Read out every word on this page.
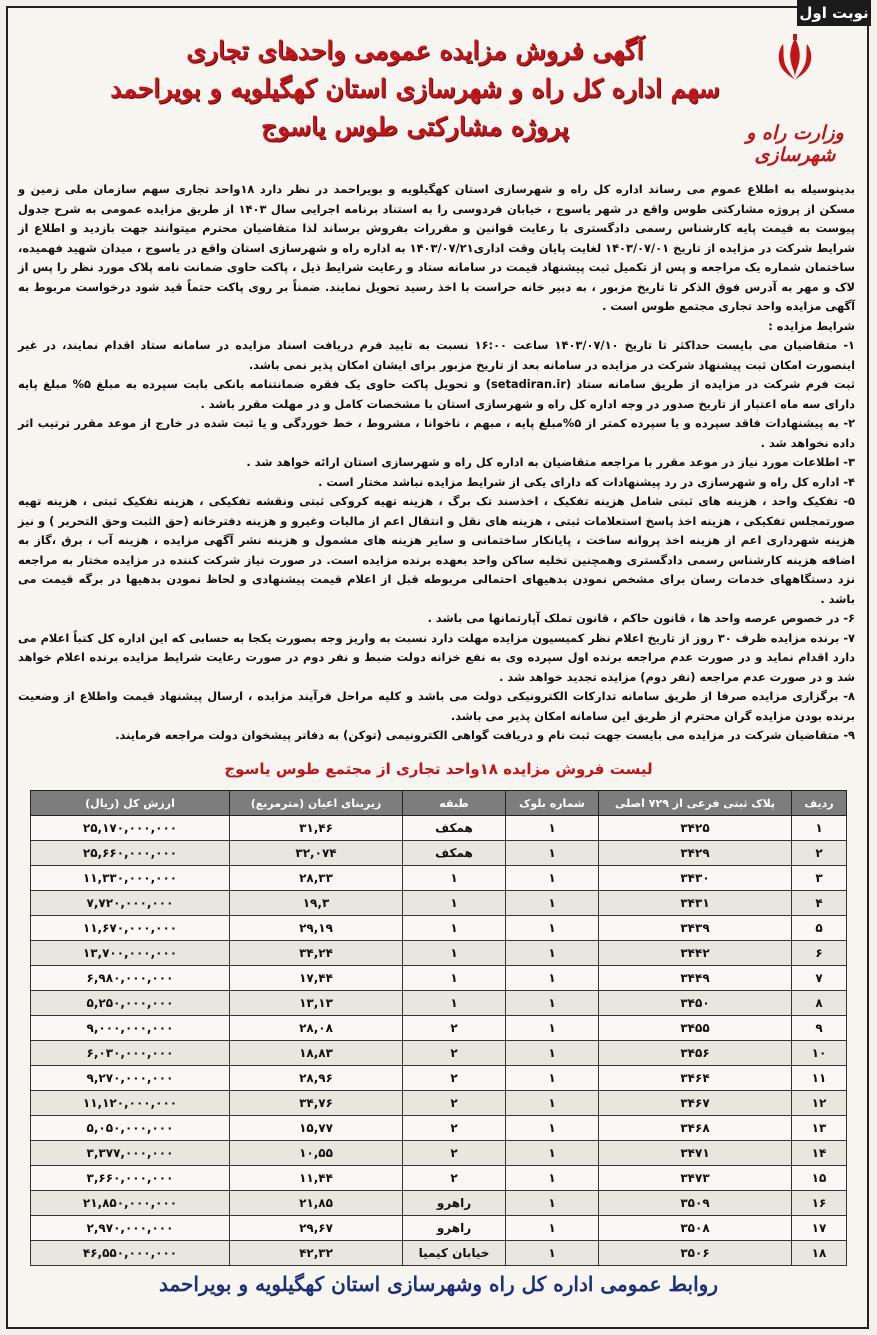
نوبت اول
وزارت راه و شهرسازی
آگهی فروش مزایده عمومی واحدهای تجاری
سهم اداره کل راه و شهرسازی استان کهگیلویه و بویراحمد
پروژه مشارکتی طوس یاسوج

بدینوسیله به اطلاع عموم می رساند اداره کل راه و شهرسازی استان کهگیلویه و بویراحمد در نظر دارد ۱۸واحد تجاری سهم سازمان ملی زمین و مسکن از پروژه مشارکتی طوس واقع در شهر یاسوج ، خیابان فردوسی را به استناد برنامه اجرایی سال ۱۴۰۳ از طریق مزایده عمومی به شرح جدول پیوست به قیمت پایه کارشناس رسمی دادگستری با رعایت قوانین و مقررات بفروش برساند لذا متقاضیان محترم میتوانند جهت بازدید و اطلاع از شرایط شرکت در مزایده از تاریخ ۱۴۰۳/۰۷/۰۱ لغایت پایان وقت اداری۱۴۰۳/۰۷/۲۱ به اداره راه و شهرسازی استان واقع در یاسوج ، میدان شهید فهمیده، ساختمان شماره یک مراجعه و پس از تکمیل ثبت پیشنهاد قیمت در سامانه ستاد و رعایت شرایط ذیل ، پاکت حاوی ضمانت نامه پلاک مورد نظر را پس از لاک و مهر به آدرس فوق الذکر تا تاریخ مزبور ، به دبیر خانه حراست با اخذ رسید تحویل نمایند. ضمناً بر روی پاکت حتماً قید شود درخواست مربوط به آگهی مزایده واحد تجاری مجتمع طوس است .

شرایط مزایده :

۱- متقاضیان می بایست حداکثر تا تاریخ ۱۴۰۳/۰۷/۱۰ ساعت ۱۶:۰۰ نسبت به تایید فرم دریافت اسناد مزایده در سامانه ستاد اقدام نمایند، در غیر اینصورت امکان ثبت پیشنهاد شرکت در مزایده در سامانه بعد از تاریخ مزبور برای ایشان امکان پذیر نمی باشد.

ثبت فرم شرکت در مزایده از طریق سامانه ستاد (setadiran.ir) و تحویل پاکت حاوی یک فقره ضمانتنامه بانکی بابت سپرده به مبلغ ۵% مبلغ پایه دارای سه ماه اعتبار از تاریخ صدور در وجه اداره کل راه و شهرسازی استان با مشخصات کامل و در مهلت مقرر باشد .

۲- به پیشنهادات فاقد سپرده و یا سپرده کمتر از ۵%مبلغ پایه ، مبهم ، ناخوانا ، مشروط ، خط خوردگی و یا ثبت شده در خارج از موعد مقرر ترتیب اثر داده نخواهد شد .

۳- اطلاعات مورد نیاز در موعد مقرر با مراجعه متقاضیان به اداره کل راه و شهرسازی استان ارائه خواهد شد .

۴- اداره کل راه و شهرسازی در رد پیشنهادات که دارای یکی از شرایط مزایده نباشد مختار است .

۵- تفکیک واحد ، هزینه های ثبتی شامل هزینه تفکیک ، اخذسند تک برگ ، هزینه تهیه کروکی ثبتی ونقشه تفکیکی ، هزینه تفکیک ثبتی ، هزینه تهیه صورتمجلس تفکیکی ، هزینه اخذ پاسخ استعلامات ثبتی ، هزینه های نقل و انتقال اعم از مالیات وغیرو و هزینه دفترخانه (حق الثبت وحق التحریر ) و نیز هزینه شهرداری اعم از هزینه اخذ پروانه ساخت ، پایانکار ساختمانی و سایر هزینه های مشمول و هزینه نشر آگهی مزایده ، هزینه آب ، برق ،گاز به اضافه هزینه کارشناس رسمی دادگستری وهمچنین تخلیه ساکن واحد بعهده برنده مزایده است. در صورت نیاز شرکت کننده در مزایده مختار به مراجعه نزد دستگاههای خدمات رسان برای مشخص نمودن بدهیهای احتمالی مربوطه قبل از اعلام قیمت پیشنهادی و لحاظ نمودن بدهیها در برگه قیمت می باشد .

۶- در خصوص عرصه واحد ها ، قانون حاکم ، قانون تملک آپارتمانها می باشد .

۷- برنده مزایده ظرف ۳۰ روز از تاریخ اعلام نظر کمیسیون مزایده مهلت دارد نسبت به واریز وجه بصورت یکجا به حسابی که این اداره کل کتباً اعلام می دارد اقدام نماید و در صورت عدم مراجعه برنده اول سپرده وی به نفع خزانه دولت ضبط و نفر دوم در صورت رعایت شرایط مزایده برنده اعلام خواهد شد و در صورت عدم مراجعه (نفر دوم) مزایده تجدید خواهد شد .

۸- برگزاری مزایده صرفا از طریق سامانه تدارکات الکترونیکی دولت می باشد و کلیه مراحل فرآیند مزایده ، ارسال پیشنهاد قیمت واطلاع از وضعیت برنده بودن مزایده گران محترم از طریق این سامانه امکان پذیر می باشد.

۹- متقاضیان شرکت در مزایده می بایست جهت ثبت نام و دریافت گواهی الکترونیمی (توکن) به دفاتر پیشخوان دولت مراجعه فرمایند.

لیست فروش مزایده ۱۸واحد تجاری از مجتمع طوس یاسوج
ردیف	پلاک ثبتی فرعی از ۷۲۹ اصلی	شماره بلوک	طبقه	زیربنای اعیان (مترمربع)	ارزش کل (ریال)
۱	۳۴۲۵	۱	همکف	۳۱,۴۶	۲۵,۱۷۰,۰۰۰,۰۰۰
۲	۳۴۲۹	۱	همکف	۳۲,۰۷۴	۲۵,۶۶۰,۰۰۰,۰۰۰
۳	۳۴۳۰	۱	۱	۲۸,۳۳	۱۱,۳۳۰,۰۰۰,۰۰۰
۴	۳۴۳۱	۱	۱	۱۹,۳	۷,۷۲۰,۰۰۰,۰۰۰
۵	۳۴۳۹	۱	۱	۲۹,۱۹	۱۱,۶۷۰,۰۰۰,۰۰۰
۶	۳۴۴۲	۱	۱	۳۴,۲۴	۱۳,۷۰۰,۰۰۰,۰۰۰
۷	۳۴۴۹	۱	۱	۱۷,۴۴	۶,۹۸۰,۰۰۰,۰۰۰
۸	۳۴۵۰	۱	۱	۱۳,۱۳	۵,۲۵۰,۰۰۰,۰۰۰
۹	۳۴۵۵	۱	۲	۲۸,۰۸	۹,۰۰۰,۰۰۰,۰۰۰
۱۰	۳۴۵۶	۱	۲	۱۸,۸۳	۶,۰۳۰,۰۰۰,۰۰۰
۱۱	۳۴۶۴	۱	۲	۲۸,۹۶	۹,۲۷۰,۰۰۰,۰۰۰
۱۲	۳۴۶۷	۱	۲	۳۴,۷۶	۱۱,۱۲۰,۰۰۰,۰۰۰
۱۳	۳۴۶۸	۱	۲	۱۵,۷۷	۵,۰۵۰,۰۰۰,۰۰۰
۱۴	۳۴۷۱	۱	۲	۱۰,۵۵	۳,۳۷۷,۰۰۰,۰۰۰
۱۵	۳۴۷۳	۱	۲	۱۱,۴۴	۳,۶۶۰,۰۰۰,۰۰۰
۱۶	۳۵۰۹	۱	راهرو	۲۱,۸۵	۲۱,۸۵۰,۰۰۰,۰۰۰
۱۷	۳۵۰۸	۱	راهرو	۲۹,۶۷	۲,۹۷۰,۰۰۰,۰۰۰
۱۸	۳۵۰۶	۱	خیابان کیمیا	۴۲,۳۲	۴۶,۵۵۰,۰۰۰,۰۰۰
روابط عمومی اداره کل راه وشهرسازی استان کهگیلویه و بویراحمد
